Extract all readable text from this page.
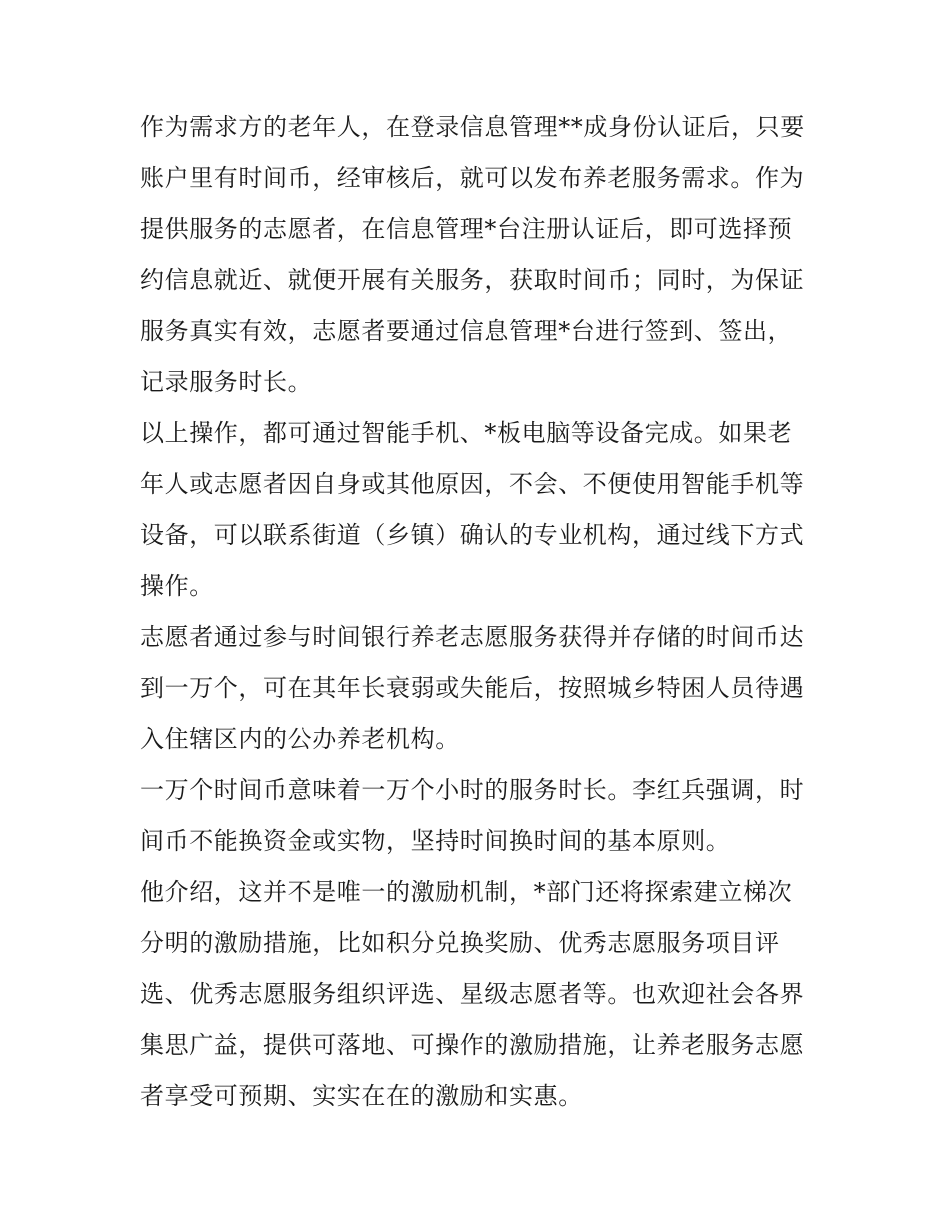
作为需求方的老年人，在登录信息管理**成身份认证后，只要
账户里有时间币，经审核后，就可以发布养老服务需求。作为
提供服务的志愿者，在信息管理*台注册认证后，即可选择预
约信息就近、就便开展有关服务，获取时间币；同时，为保证
服务真实有效，志愿者要通过信息管理*台进行签到、签出，
记录服务时长。

以上操作，都可通过智能手机、*板电脑等设备完成。如果老
年人或志愿者因自身或其他原因，不会、不便使用智能手机等
设备，可以联系街道（乡镇）确认的专业机构，通过线下方式
操作。

志愿者通过参与时间银行养老志愿服务获得并存储的时间币达
到一万个，可在其年长衰弱或失能后，按照城乡特困人员待遇
入住辖区内的公办养老机构。

一万个时间币意味着一万个小时的服务时长。李红兵强调，时
间币不能换资金或实物，坚持时间换时间的基本原则。

他介绍，这并不是唯一的激励机制，*部门还将探索建立梯次
分明的激励措施，比如积分兑换奖励、优秀志愿服务项目评
选、优秀志愿服务组织评选、星级志愿者等。也欢迎社会各界
集思广益，提供可落地、可操作的激励措施，让养老服务志愿
者享受可预期、实实在在的激励和实惠。
